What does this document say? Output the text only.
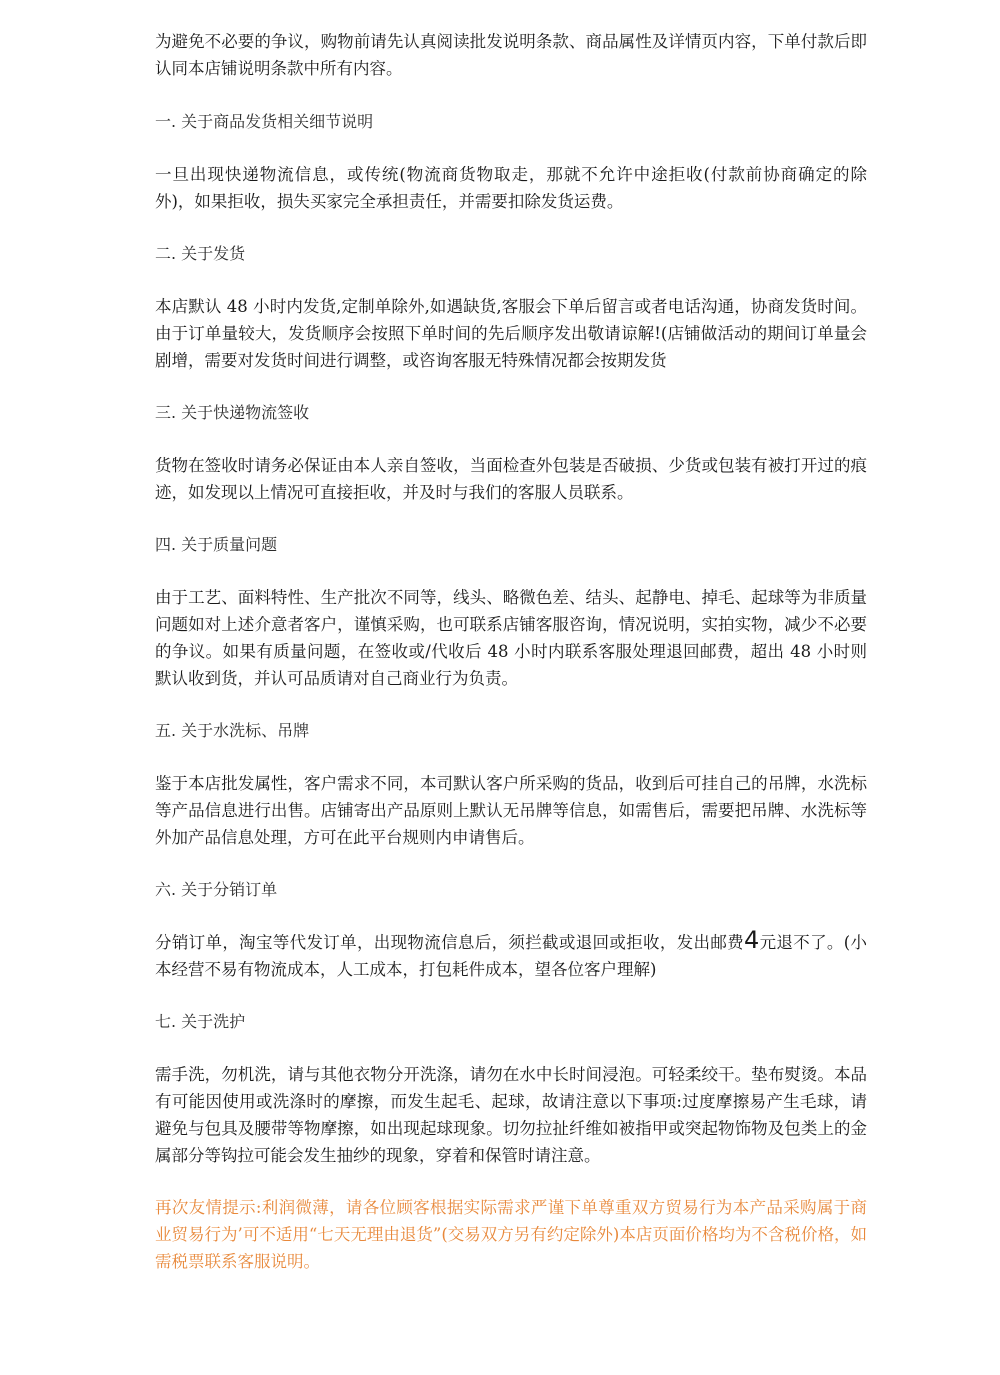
为避免不必要的争议，购物前请先认真阅读批发说明条款、商品属性及详情页内容，下单付款后即认同本店铺说明条款中所有内容。

一. 关于商品发货相关细节说明

一旦出现快递物流信息，或传统(物流商货物取走，那就不允许中途拒收(付款前协商确定的除外)，如果拒收，损失买家完全承担责任，并需要扣除发货运费。

二. 关于发货

本店默认 48 小时内发货,定制单除外,如遇缺货,客服会下单后留言或者电话沟通，协商发货时间。由于订单量较大，发货顺序会按照下单时间的先后顺序发出敬请谅解!(店铺做活动的期间订单量会剧增，需要对发货时间进行调整，或咨询客服无特殊情况都会按期发货

三. 关于快递物流签收

货物在签收时请务必保证由本人亲自签收，当面检查外包装是否破损、少货或包装有被打开过的痕迹，如发现以上情况可直接拒收，并及时与我们的客服人员联系。

四. 关于质量问题

由于工艺、面料特性、生产批次不同等，线头、略微色差、结头、起静电、掉毛、起球等为非质量问题如对上述介意者客户，谨慎采购，也可联系店铺客服咨询，情况说明，实拍实物，减少不必要的争议。如果有质量问题，在签收或/代收后 48 小时内联系客服处理退回邮费，超出 48 小时则默认收到货，并认可品质请对自己商业行为负责。

五. 关于水洗标、吊牌

鉴于本店批发属性，客户需求不同，本司默认客户所采购的货品，收到后可挂自己的吊牌，水洗标等产品信息进行出售。店铺寄出产品原则上默认无吊牌等信息，如需售后，需要把吊牌、水洗标等外加产品信息处理，方可在此平台规则内申请售后。

六. 关于分销订单

分销订单，淘宝等代发订单，出现物流信息后，须拦截或退回或拒收，发出邮费4元退不了。(小本经营不易有物流成本，人工成本，打包耗件成本，望各位客户理解)

七. 关于洗护

需手洗，勿机洗，请与其他衣物分开洗涤，请勿在水中长时间浸泡。可轻柔绞干。垫布熨烫。本品有可能因使用或洗涤时的摩擦，而发生起毛、起球，故请注意以下事项:过度摩擦易产生毛球，请避免与包具及腰带等物摩擦，如出现起球现象。切勿拉扯纤维如被指甲或突起物饰物及包类上的金属部分等钩拉可能会发生抽纱的现象，穿着和保管时请注意。

再次友情提示:利润微薄，请各位顾客根据实际需求严谨下单尊重双方贸易行为本产品采购属于商业贸易行为’可不适用“七天无理由退货”(交易双方另有约定除外)本店页面价格均为不含税价格，如需税票联系客服说明。
